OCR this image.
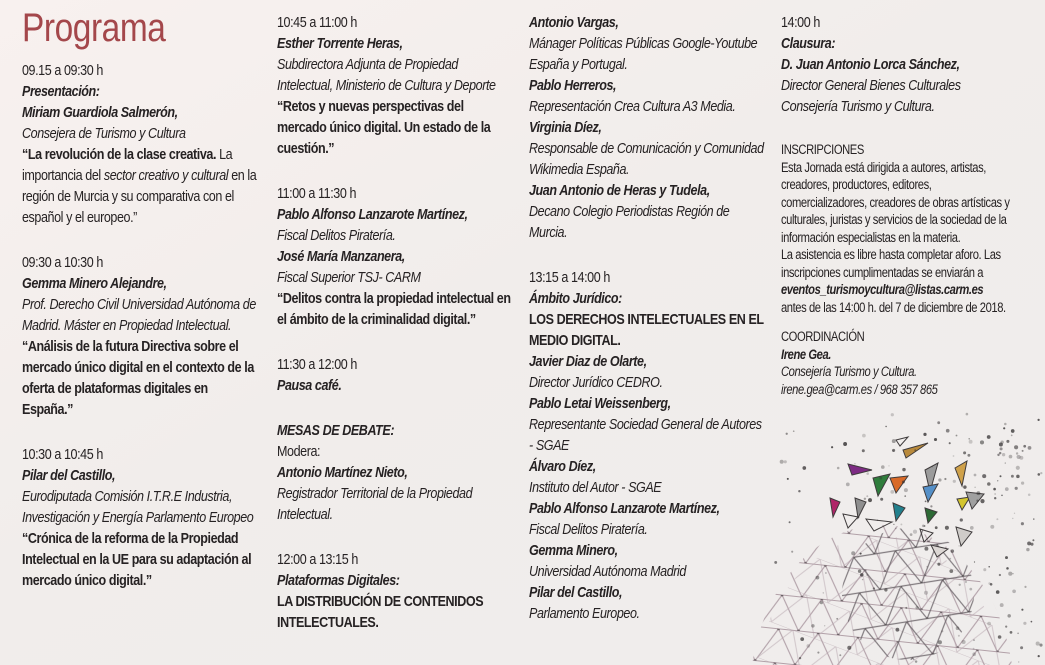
Programa

09.15 a 09:30 h

Presentación:

Miriam Guardiola Salmerón,

Consejera de Turismo y Cultura

“La revolución de la clase creativa. La importancia del sector creativo y cultural en la región de Murcia y su comparativa con el español y el europeo.”

09:30 a 10:30 h

Gemma Minero Alejandre,

Prof. Derecho Civil Universidad Autónoma de Madrid. Máster en Propiedad Intelectual.

“Análisis de la futura Directiva sobre el mercado único digital en el contexto de la oferta de plataformas digitales en España.”

10:30 a 10:45 h

Pilar del Castillo,

Eurodiputada Comisión I.T.R.E Industria, Investigación y Energía Parlamento Europeo

“Crónica de la reforma de la Propiedad Intelectual en la UE para su adaptación al mercado único digital.”

10:45 a 11:00 h

Esther Torrente Heras,

Subdirectora Adjunta de Propiedad Intelectual, Ministerio de Cultura y Deporte

“Retos y nuevas perspectivas del mercado único digital. Un estado de la cuestión.”

11:00 a 11:30 h

Pablo Alfonso Lanzarote Martínez,

Fiscal Delitos Piratería.

José María Manzanera,

Fiscal Superior TSJ- CARM

“Delitos contra la propiedad intelectual en el ámbito de la criminalidad digital.”

11:30 a 12:00 h

Pausa café.

MESAS DE DEBATE:

Modera:

Antonio Martínez Nieto,

Registrador Territorial de la Propiedad Intelectual.

12:00 a 13:15 h

Plataformas Digitales:

LA DISTRIBUCIÓN DE CONTENIDOS INTELECTUALES.

Antonio Vargas,

Mánager Políticas Públicas Google-Youtube España y Portugal.

Pablo Herreros,

Representación Crea Cultura A3 Media.

Virginia Díez,

Responsable de Comunicación y Comunidad Wikimedia España.

Juan Antonio de Heras y Tudela,

Decano Colegio Periodistas Región de Murcia.

13:15 a 14:00 h

Ámbito Jurídico:

LOS DERECHOS INTELECTUALES EN EL MEDIO DIGITAL.

Javier Diaz de Olarte,

Director Jurídico CEDRO.

Pablo Letai Weissenberg,

Representante Sociedad General de Autores - SGAE

Álvaro Díez,

Instituto del Autor - SGAE

Pablo Alfonso Lanzarote Martínez,

Fiscal Delitos Piratería.

Gemma Minero,

Universidad Autónoma Madrid

Pilar del Castillo,

Parlamento Europeo.

14:00 h

Clausura:

D. Juan Antonio Lorca Sánchez,

Director General Bienes Culturales Consejería Turismo y Cultura.

INSCRIPCIONES

Esta Jornada está dirigida a autores, artistas, creadores, productores, editores, comercializadores, creadores de obras artísticas y culturales, juristas y servicios de la sociedad de la información especialistas en la materia.

La asistencia es libre hasta completar aforo. Las inscripciones cumplimentadas se enviarán a

eventos_turismoycultura@listas.carm.es

antes de las 14:00 h. del 7 de diciembre de 2018.

COORDINACIÓN

Irene Gea.

Consejería Turismo y Cultura.

irene.gea@carm.es / 968 357 865
